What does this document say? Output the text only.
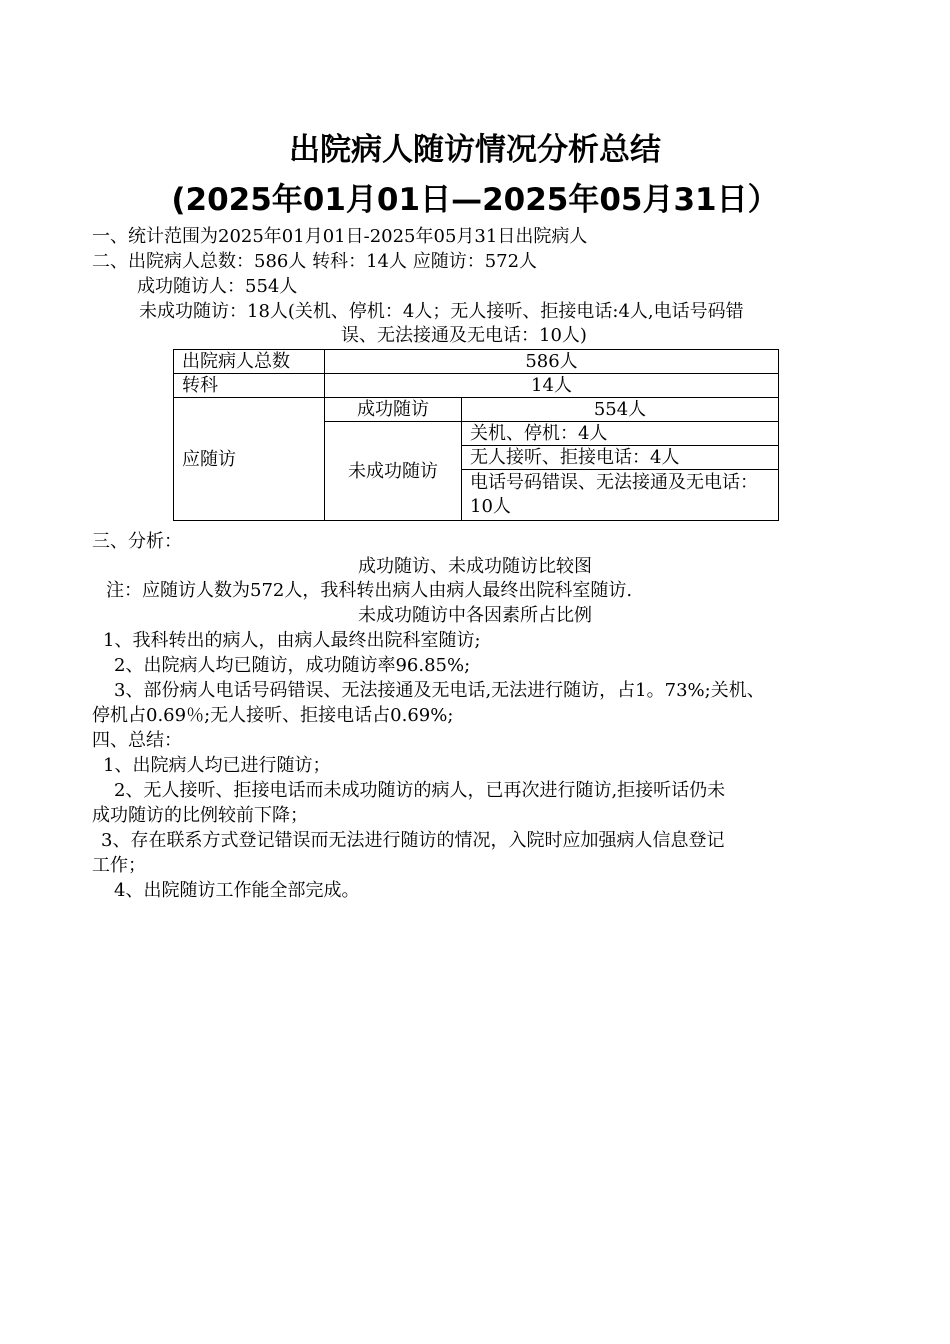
出院病人随访情况分析总结
(2025年01月01日—2025年05月31日）
一、统计范围为2025年01月01日-2025年05月31日出院病人
二、出院病人总数：586人 转科：14人 应随访：572人
成功随访人：554人
未成功随访：18人(关机、停机：4人；无人接听、拒接电话:4人,电话号码错
误、无法接通及无电话：10人)
出院病人总数	586人	
转科	14人	
应随访	成功随访	554人
	未成功随访	关机、停机：4人
		无人接听、拒接电话：4人
		电话号码错误、无法接通及无电话：10人
三、分析：
成功随访、未成功随访比较图
注：应随访人数为572人，我科转出病人由病人最终出院科室随访.
未成功随访中各因素所占比例
1、我科转出的病人，由病人最终出院科室随访;
2、出院病人均已随访，成功随访率96.85%;
3、部份病人电话号码错误、无法接通及无电话,无法进行随访，占1。73%;关机、
停机占0.69％;无人接听、拒接电话占0.69%;
四、总结：
1、出院病人均已进行随访；
2、无人接听、拒接电话而未成功随访的病人，已再次进行随访,拒接听话仍未
成功随访的比例较前下降；
3、存在联系方式登记错误而无法进行随访的情况，入院时应加强病人信息登记
工作；
4、出院随访工作能全部完成。
